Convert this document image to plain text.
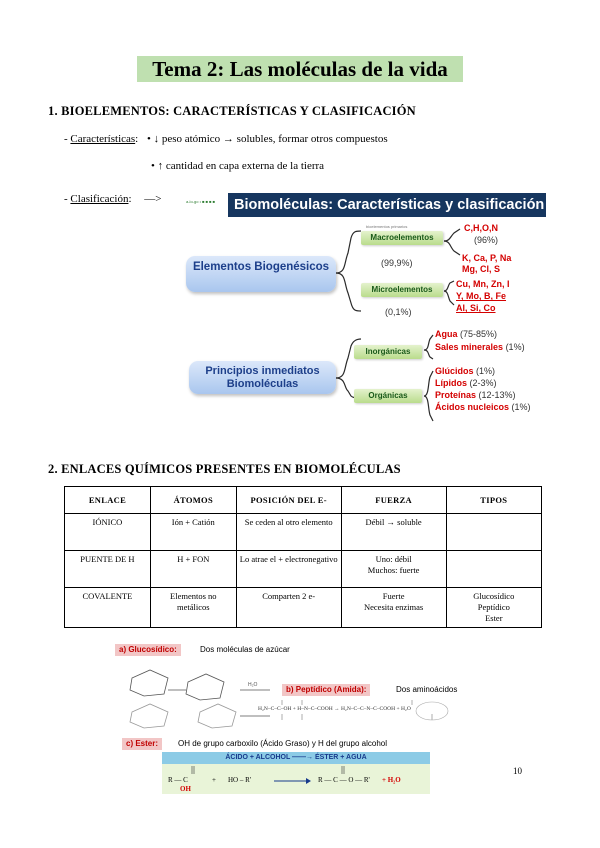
Tema 2: Las moléculas de la vida
1. BIOELEMENTOS: CARACTERÍSTICAS Y CLASIFICACIÓN
- Características: • ↓ peso atómico → solubles, formar otros compuestos
• ↑ cantidad en capa externa de la tierra
- Clasificación: —>	a-lo-go • ■ ■ ■ ■	Biomoléculas: Características y clasificación
Elementos Biogenésicos
bioelementos primarios
Macroelementos
(99,9%)
C,H,O,N
(96%)
K, Ca, P, Na
Mg, Cl, S
Microelementos
(0,1%)
Cu, Mn, Zn, I
Y, Mo, B, Fe
Al, Si, Co
Principios inmediatos
Biomoléculas
Inorgánicas
Agua (75-85%)
Sales minerales (1%)
Orgánicas
Glúcidos (1%)
Lípidos (2-3%)
Proteínas (12-13%)
Ácidos nucleicos (1%)
2. ENLACES QUÍMICOS PRESENTES EN BIOMOLÉCULAS
ENLACE	ÁTOMOS	POSICIÓN DEL E-	FUERZA	TIPOS
IÓNICO	Ión + Catión	Se ceden al otro elemento	Débil → soluble	
PUENTE DE H	H + FON	Lo atrae el + electronegativo	Uno: débil
Muchos: fuerte	
COVALENTE	Elementos no metálicos	Comparten 2 e-	Fuerte
Necesita enzimas	Glucosídico
Peptídico
Ester
a) Glucosídico:	Dos moléculas de azúcar
H₂O	b) Peptídico (Amida):	Dos aminoácidos
H₂N–C–C–OH + H–N–C–COOH → H₂N–C–C–N–C–COOH + H₂O
c) Ester:	OH de grupo carboxilo (Ácido Graso) y H del grupo alcohol
ÁCIDO + ALCOHOL ——→ ÉSTER + AGUA
R — C
OH
+ HO – R' → R — C — O — R' + H₂O
10
